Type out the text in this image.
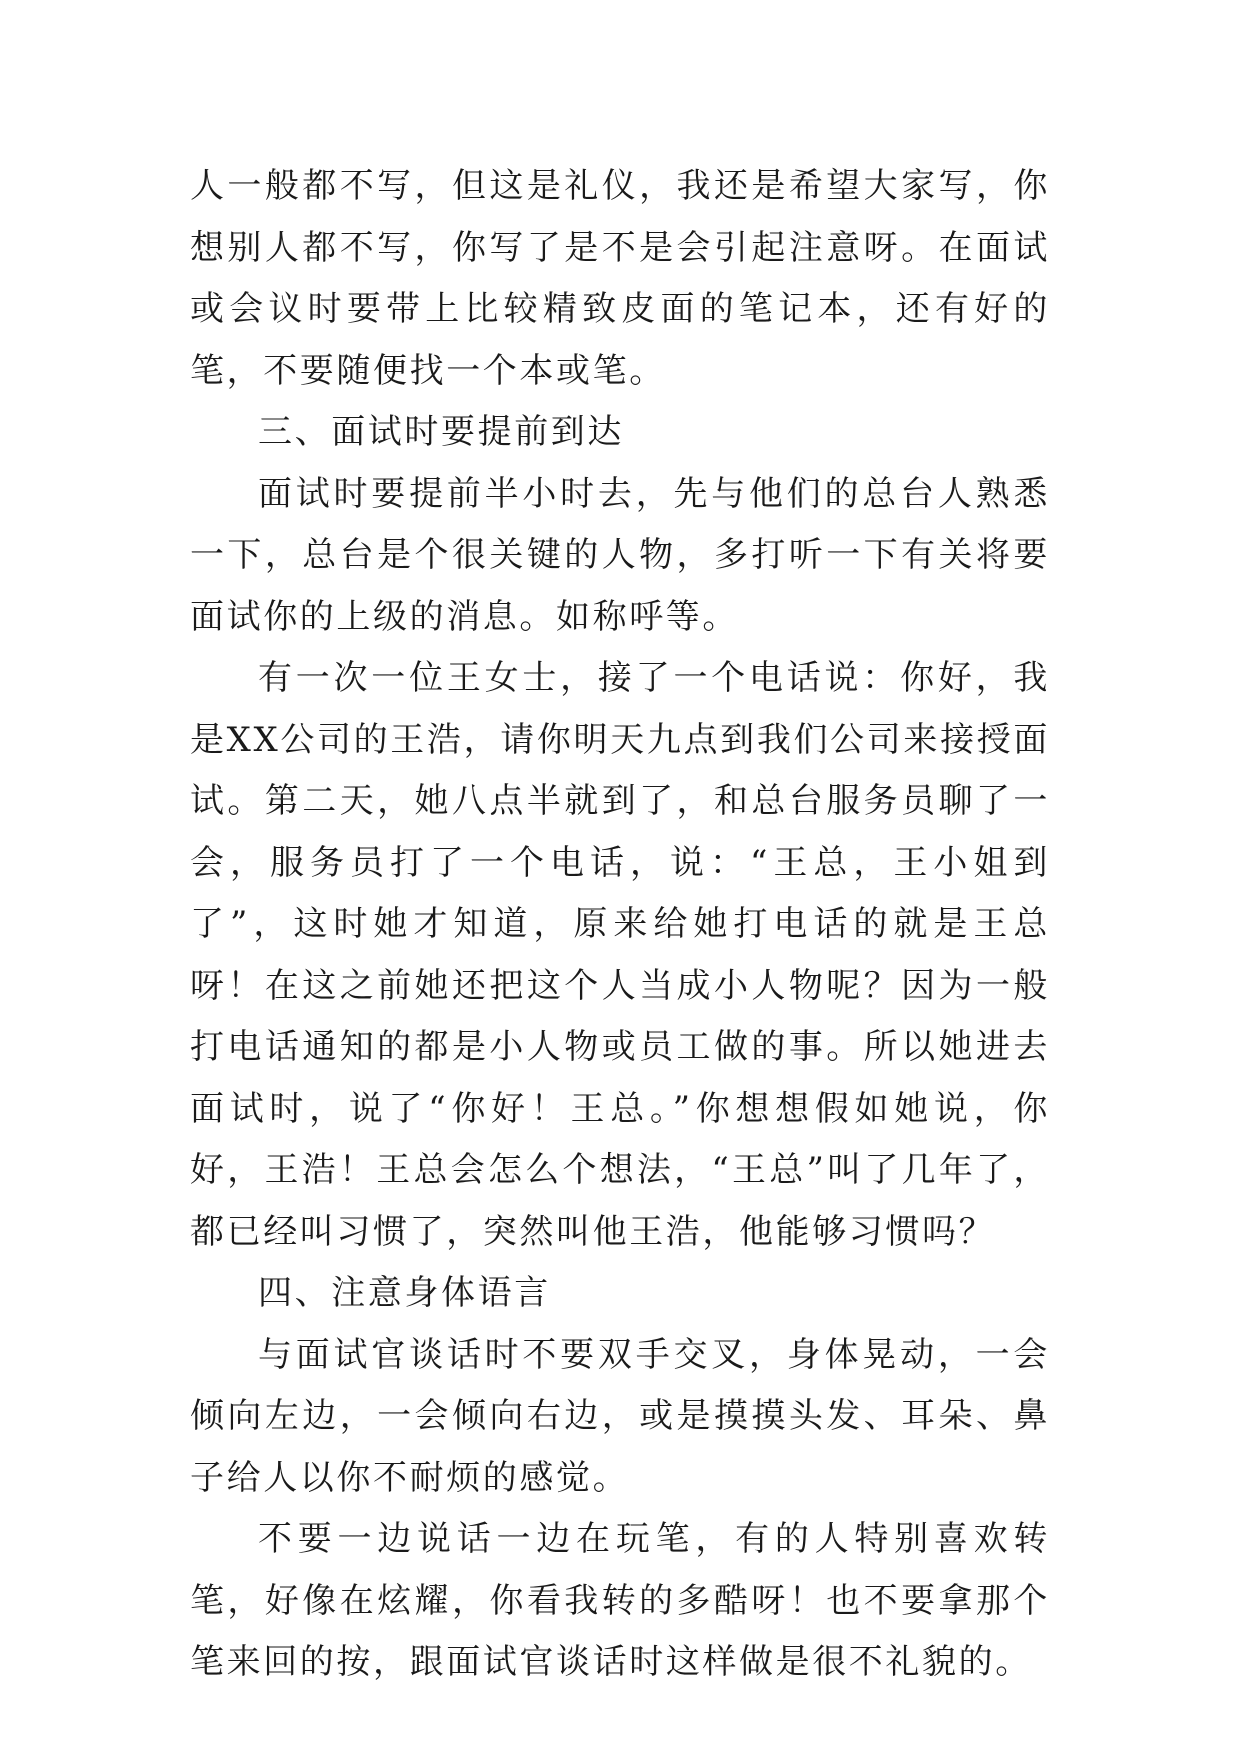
人一般都不写，但这是礼仪，我还是希望大家写，你想别人都不写，你写了是不是会引起注意呀。在面试或会议时要带上比较精致皮面的笔记本，还有好的笔，不要随便找一个本或笔。

三、面试时要提前到达

面试时要提前半小时去，先与他们的总台人熟悉一下，总台是个很关键的人物，多打听一下有关将要面试你的上级的消息。如称呼等。

有一次一位王女士，接了一个电话说：你好，我是XX公司的王浩，请你明天九点到我们公司来接授面试。第二天，她八点半就到了，和总台服务员聊了一会，服务员打了一个电话，说：“王总，王小姐到了”，这时她才知道，原来给她打电话的就是王总呀！在这之前她还把这个人当成小人物呢？因为一般打电话通知的都是小人物或员工做的事。所以她进去面试时，说了“你好！王总。”你想想假如她说，你好，王浩！王总会怎么个想法，“王总”叫了几年了，都已经叫习惯了，突然叫他王浩，他能够习惯吗？

四、注意身体语言

与面试官谈话时不要双手交叉，身体晃动，一会倾向左边，一会倾向右边，或是摸摸头发、耳朵、鼻子给人以你不耐烦的感觉。

不要一边说话一边在玩笔，有的人特别喜欢转笔，好像在炫耀，你看我转的多酷呀！也不要拿那个笔来回的按，跟面试官谈话时这样做是很不礼貌的。
